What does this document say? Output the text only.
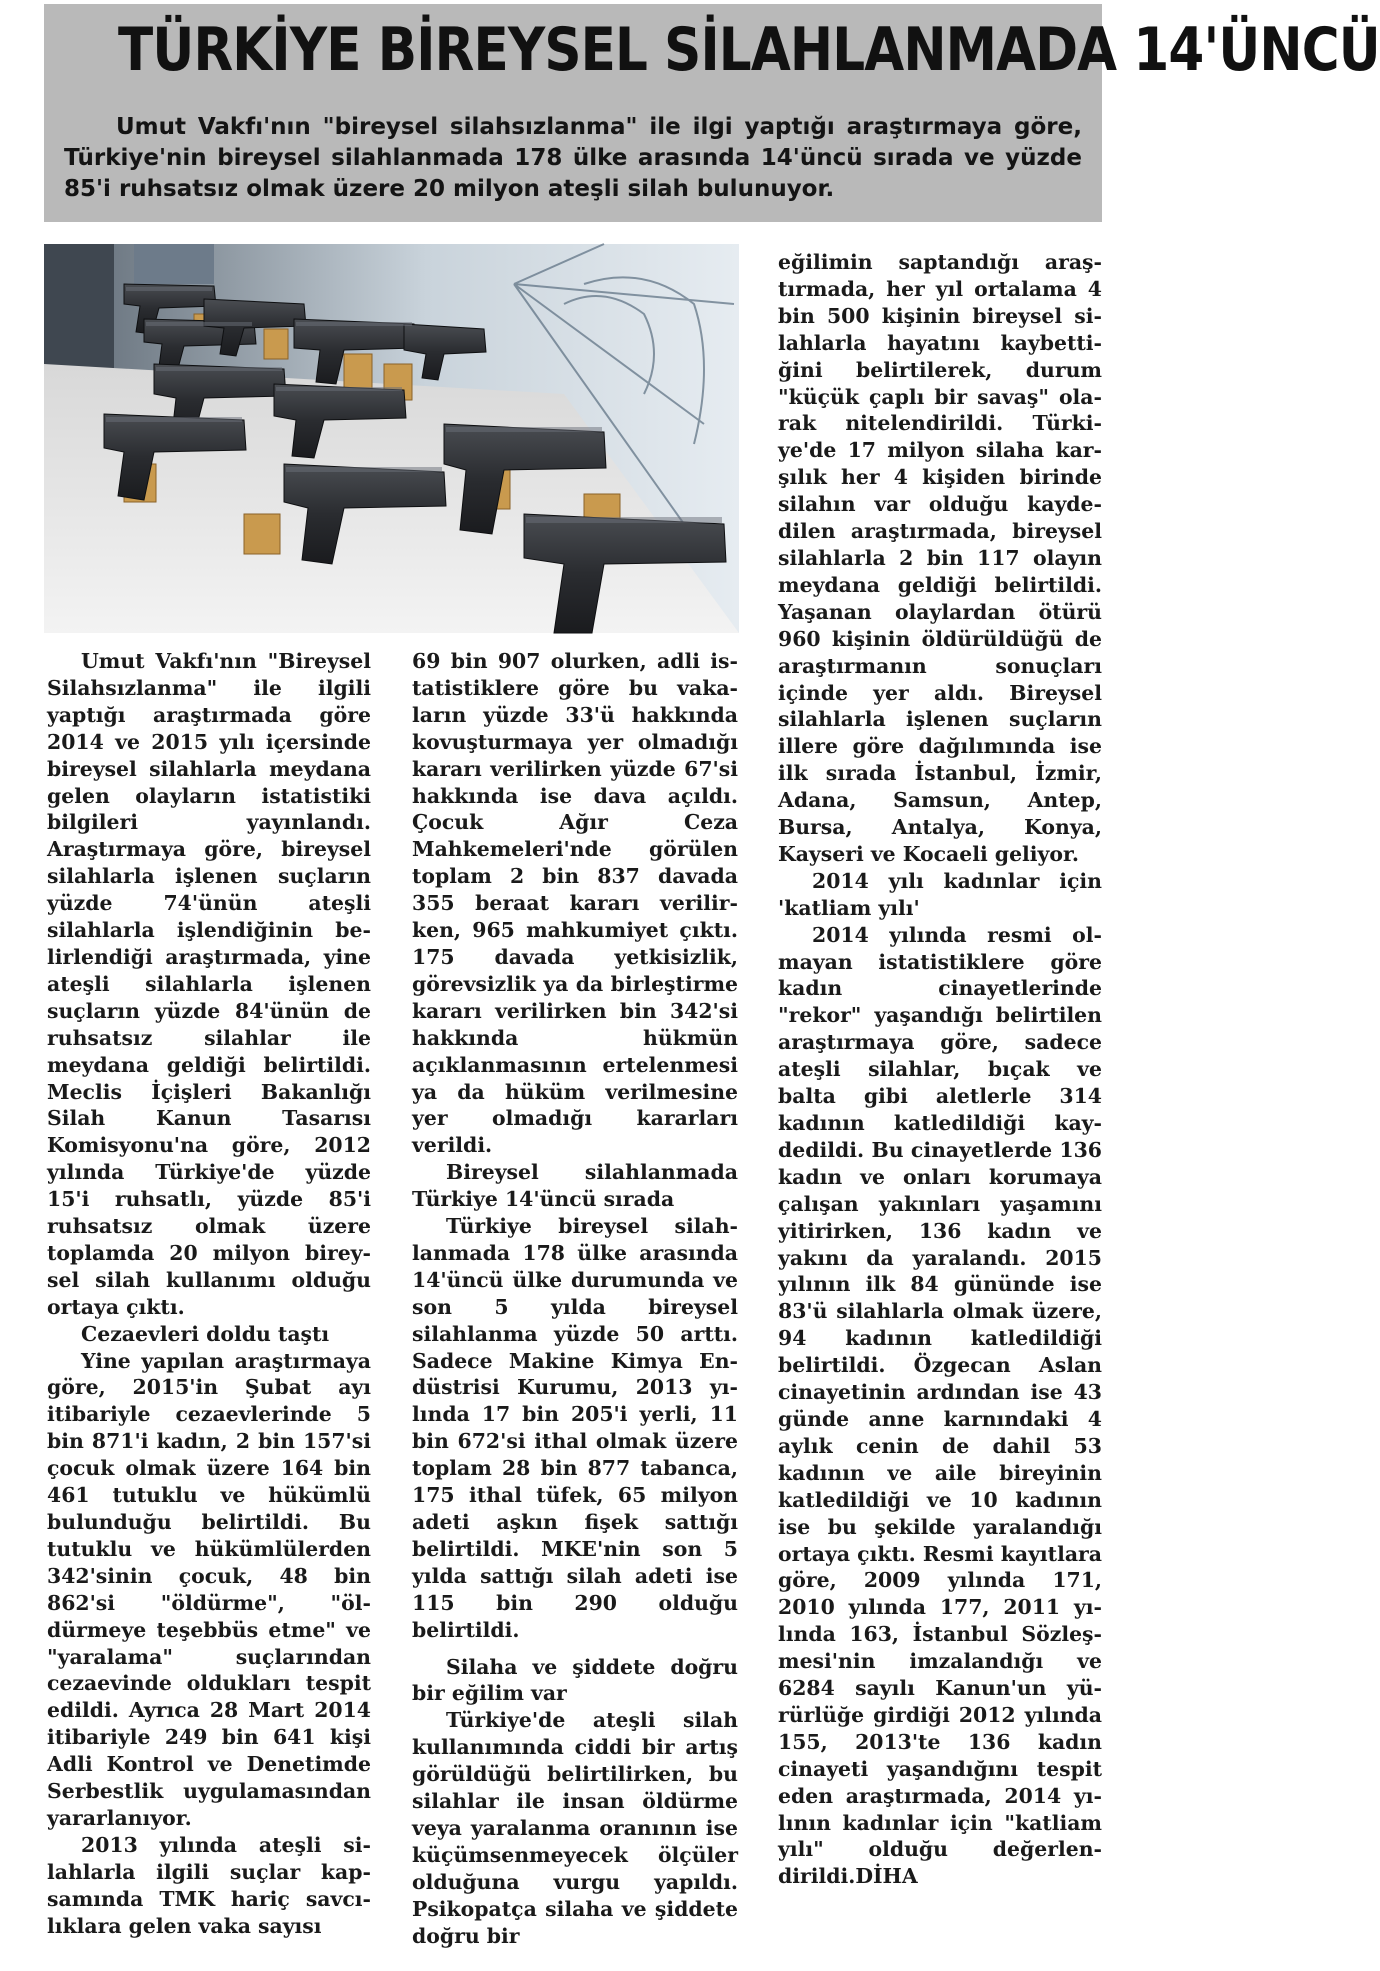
TÜRKİYE BİREYSEL SİLAHLANMADA 14'ÜNCÜ

Umut Vakfı'nın "bireysel silahsızlanma" ile ilgi yaptığı araştırmaya göre, Türkiye'nin bireysel silahlanmada 178 ülke arasında 14'üncü sırada ve yüzde 85'i ruhsatsız olmak üzere 20 milyon ateşli silah bulunuyor.

Umut Vakfı'nın "Bireysel Silahsızlanma" ile ilgili yaptığı araştırmada göre 2014 ve 2015 yılı içersinde bireysel silahlarla meydana gelen olayların istatistiki bilgileri yayınlandı. Araştırmaya göre, bireysel silahlarla işlenen suçların yüzde 74'ünün ateşli silahlarla işlendiğinin belirlendiği araştırmada, yine ateşli silahlarla işlenen suçların yüzde 84'ünün de ruhsatsız silahlar ile meydana geldiği belirtildi. Meclis İçişleri Bakanlığı Silah Kanun Tasarısı Komisyonu'na göre, 2012 yılında Türkiye'de yüzde 15'i ruhsatlı, yüzde 85'i ruhsatsız olmak üzere toplamda 20 milyon bireysel silah kullanımı olduğu ortaya çıktı.

Cezaevleri doldu taştı

Yine yapılan araştırmaya göre, 2015'in Şubat ayı itibariyle cezaevlerinde 5 bin 871'i kadın, 2 bin 157'si çocuk olmak üzere 164 bin 461 tutuklu ve hükümlü bulunduğu belirtildi. Bu tutuklu ve hükümlülerden 342'sinin çocuk, 48 bin 862'si "öldürme", "öldürmeye teşebbüs etme" ve "yaralama" suçlarından cezaevinde oldukları tespit edildi. Ayrıca 28 Mart 2014 itibariyle 249 bin 641 kişi Adli Kontrol ve Denetimde Serbestlik uygulamasından yararlanıyor.

2013 yılında ateşli silahlarla ilgili suçlar kapsamında TMK hariç savcılıklara gelen vaka sayısı

69 bin 907 olurken, adli istatistiklere göre bu vakaların yüzde 33'ü hakkında kovuşturmaya yer olmadığı kararı verilirken yüzde 67'si hakkında ise dava açıldı. Çocuk Ağır Ceza Mahkemeleri'nde görülen toplam 2 bin 837 davada 355 beraat kararı verilirken, 965 mahkumiyet çıktı. 175 davada yetkisizlik, görevsizlik ya da birleştirme kararı verilirken bin 342'si hakkında hükmün açıklanmasının ertelenmesi ya da hüküm verilmesine yer olmadığı kararları verildi.

Bireysel silahlanmada Türkiye 14'üncü sırada

Türkiye bireysel silahlanmada 178 ülke arasında 14'üncü ülke durumunda ve son 5 yılda bireysel silahlanma yüzde 50 arttı. Sadece Makine Kimya Endüstrisi Kurumu, 2013 yılında 17 bin 205'i yerli, 11 bin 672'si ithal olmak üzere toplam 28 bin 877 tabanca, 175 ithal tüfek, 65 milyon adeti aşkın fişek sattığı belirtildi. MKE'nin son 5 yılda sattığı silah adeti ise 115 bin 290 olduğu belirtildi.

Silaha ve şiddete doğru bir eğilim var

Türkiye'de ateşli silah kullanımında ciddi bir artış görüldüğü belirtilirken, bu silahlar ile insan öldürme veya yaralanma oranının ise küçümsenmeyecek ölçüler olduğuna vurgu yapıldı. Psikopatça silaha ve şiddete doğru bir

eğilimin saptandığı araştırmada, her yıl ortalama 4 bin 500 kişinin bireysel silahlarla hayatını kaybettiğini belirtilerek, durum "küçük çaplı bir savaş" olarak nitelendirildi. Türkiye'de 17 milyon silaha karşılık her 4 kişiden birinde silahın var olduğu kaydedilen araştırmada, bireysel silahlarla 2 bin 117 olayın meydana geldiği belirtildi. Yaşanan olaylardan ötürü 960 kişinin öldürüldüğü de araştırmanın sonuçları içinde yer aldı. Bireysel silahlarla işlenen suçların illere göre dağılımında ise ilk sırada İstanbul, İzmir, Adana, Samsun, Antep, Bursa, Antalya, Konya, Kayseri ve Kocaeli geliyor.

2014 yılı kadınlar için 'katliam yılı'

2014 yılında resmi olmayan istatistiklere göre kadın cinayetlerinde "rekor" yaşandığı belirtilen araştırmaya göre, sadece ateşli silahlar, bıçak ve balta gibi aletlerle 314 kadının katledildiği kaydedildi. Bu cinayetlerde 136 kadın ve onları korumaya çalışan yakınları yaşamını yitirirken, 136 kadın ve yakını da yaralandı. 2015 yılının ilk 84 gününde ise 83'ü silahlarla olmak üzere, 94 kadının katledildiği belirtildi. Özgecan Aslan cinayetinin ardından ise 43 günde anne karnındaki 4 aylık cenin de dahil 53 kadının ve aile bireyinin katledildiği ve 10 kadının ise bu şekilde yaralandığı ortaya çıktı. Resmi kayıtlara göre, 2009 yılında 171, 2010 yılında 177, 2011 yılında 163, İstanbul Sözleşmesi'nin imzalandığı ve 6284 sayılı Kanun'un yürürlüğe girdiği 2012 yılında 155, 2013'te 136 kadın cinayeti yaşandığını tespit eden araştırmada, 2014 yılının kadınlar için "katliam yılı" olduğu değerlendirildi.DİHA
